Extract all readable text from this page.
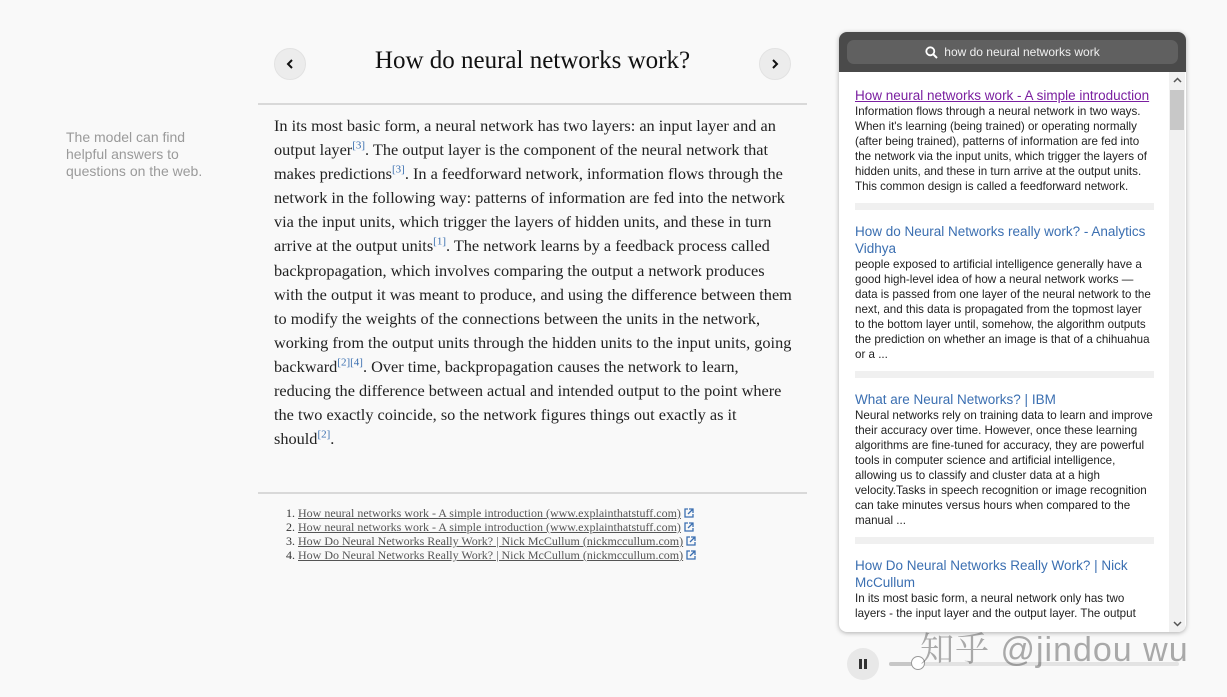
The model can find helpful answers to questions on the web.
How do neural networks work?
In its most basic form, a neural network has two layers: an input layer and an output layer[3]. The output layer is the component of the neural network that makes predictions[3]. In a feedforward network, information flows through the network in the following way: patterns of information are fed into the network via the input units, which trigger the layers of hidden units, and these in turn arrive at the output units[1]. The network learns by a feedback process called backpropagation, which involves comparing the output a network produces with the output it was meant to produce, and using the difference between them to modify the weights of the connections between the units in the network, working from the output units through the hidden units to the input units, going backward[2][4]. Over time, backpropagation causes the network to learn, reducing the difference between actual and intended output to the point where the two exactly coincide, so the network figures things out exactly as it should[2].
1. How neural networks work - A simple introduction (www.explainthatstuff.com)
2. How neural networks work - A simple introduction (www.explainthatstuff.com)
3. How Do Neural Networks Really Work? | Nick McCullum (nickmccullum.com)
4. How Do Neural Networks Really Work? | Nick McCullum (nickmccullum.com)
how do neural networks work
How neural networks work - A simple introduction
Information flows through a neural network in two ways. When it's learning (being trained) or operating normally (after being trained), patterns of information are fed into the network via the input units, which trigger the layers of hidden units, and these in turn arrive at the output units. This common design is called a feedforward network.
How do Neural Networks really work? - Analytics Vidhya
people exposed to artificial intelligence generally have a good high-level idea of how a neural network works — data is passed from one layer of the neural network to the next, and this data is propagated from the topmost layer to the bottom layer until, somehow, the algorithm outputs the prediction on whether an image is that of a chihuahua or a ...
What are Neural Networks? | IBM
Neural networks rely on training data to learn and improve their accuracy over time. However, once these learning algorithms are fine-tuned for accuracy, they are powerful tools in computer science and artificial intelligence, allowing us to classify and cluster data at a high velocity.Tasks in speech recognition or image recognition can take minutes versus hours when compared to the manual ...
How Do Neural Networks Really Work? | Nick McCullum
In its most basic form, a neural network only has two layers - the input layer and the output layer. The output
知乎 @jindou wu
